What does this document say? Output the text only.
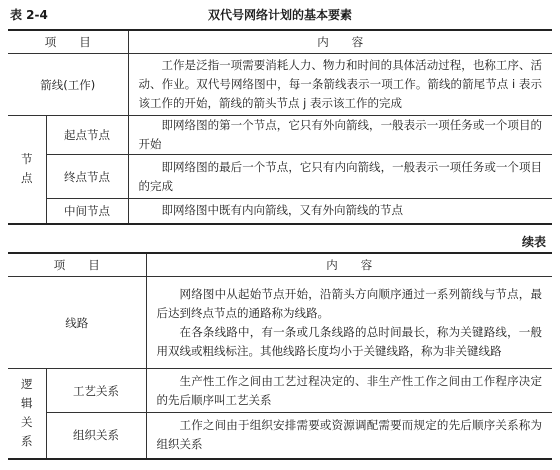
表 2-4	双代号网络计划的基本要素
项　　目		内　　容
箭线(工作)		工作是泛指一项需要消耗人力、物力和时间的具体活动过程，也称工序、活动、作业。双代号网络图中，每一条箭线表示一项工作。箭线的箭尾节点 i 表示该工作的开始，箭线的箭头节点 j 表示该工作的完成

节点	起点节点	即网络图的第一个节点，它只有外向箭线，一般表示一项任务或一个项目的开始

	终点节点	即网络图的最后一个节点，它只有内向箭线，一般表示一项任务或一个项目的完成

	中间节点	即网络图中既有内向箭线，又有外向箭线的节点

续表
项　　目		内　　容
线路		网络图中从起始节点开始，沿箭头方向顺序通过一系列箭线与节点，最后达到终点节点的通路称为线路。

在各条线路中，有一条或几条线路的总时间最长，称为关键路线，一般用双线或粗线标注。其他线路长度均小于关键线路，称为非关键线路

逻辑关系	工艺关系	生产性工作之间由工艺过程决定的、非生产性工作之间由工作程序决定的先后顺序叫工艺关系

	组织关系	工作之间由于组织安排需要或资源调配需要而规定的先后顺序关系称为组织关系
